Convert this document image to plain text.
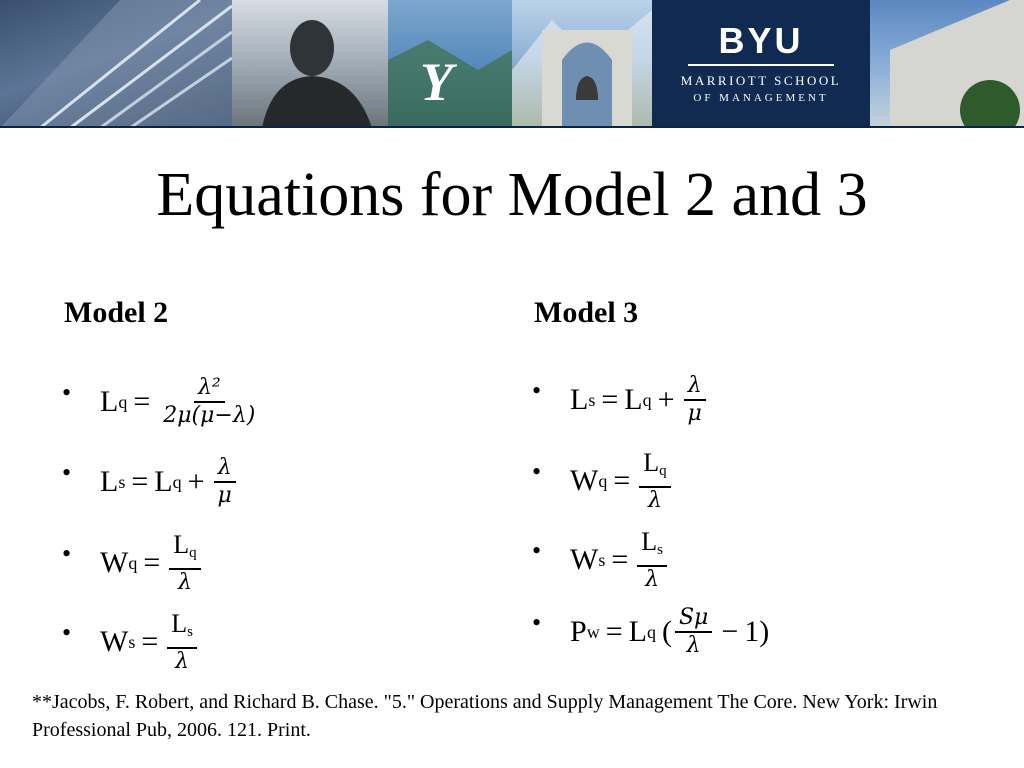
Y
BYU
MARRIOTT SCHOOL
OF MANAGEMENT
Equations for Model 2 and 3
Model 2
• L $q = \frac{\text{λ²}}{2\mu(\mu-\lambda)}$
• L s = L $q + \frac{\lambda}{\mu}$
• W $q = \frac{L_q}{\lambda}$
• W $s = \frac{L_s}{\lambda}$
Model 3
• L s = L $q + \frac{\lambda}{\mu}$
• W $q = \frac{L_q}{\lambda}$
• W $s = \frac{L_s}{\lambda}$
• P w = L q ( $\frac{S\mu}{\lambda} - 1$)
**Jacobs, F. Robert, and Richard B. Chase. "5." Operations and Supply Management The Core. New York: Irwin Professional Pub, 2006. 121. Print.
